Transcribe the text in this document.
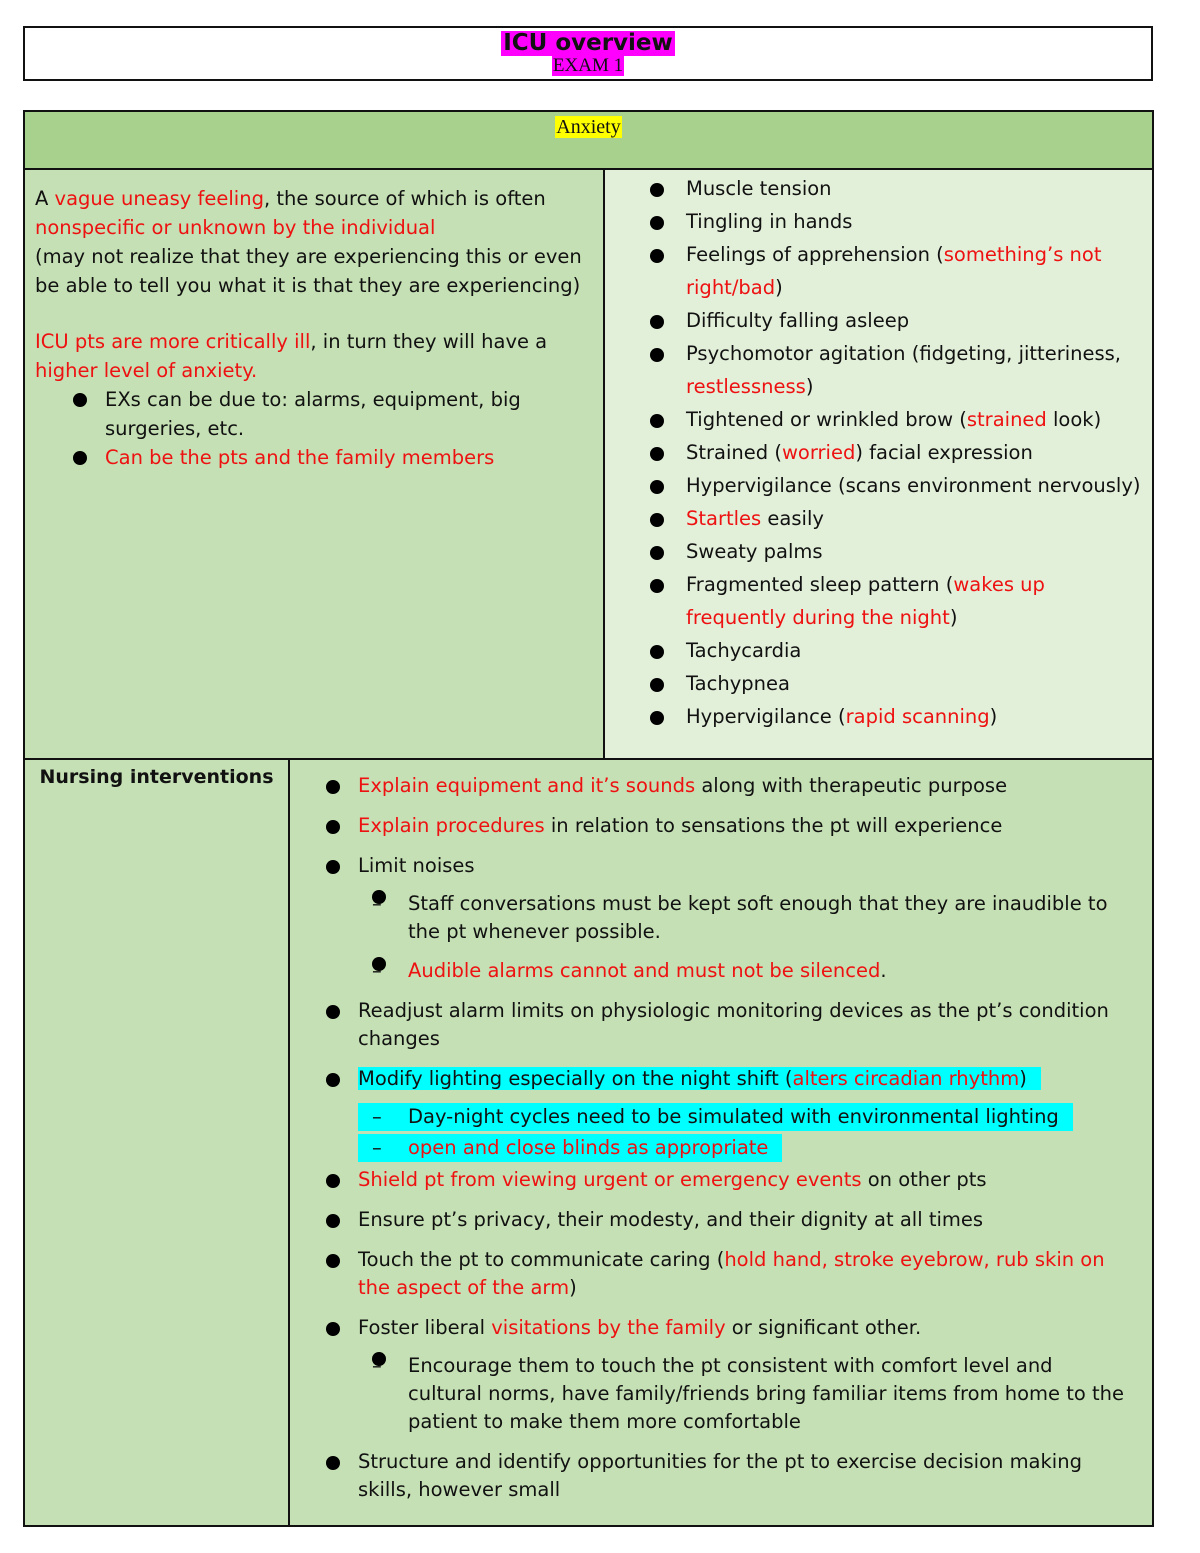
ICU overview
EXAM 1
Anxiety

A vague uneasy feeling, the source of which is often nonspecific or unknown by the individual

(may not realize that they are experiencing this or even be able to tell you what it is that they are experiencing)

ICU pts are more critically ill, in turn they will have a higher level of anxiety.

EXs can be due to: alarms, equipment, big surgeries, etc.
Can be the pts and the family members
Muscle tension
Tingling in hands
Feelings of apprehension (something’s not right/bad)
Difficulty falling asleep
Psychomotor agitation (fidgeting, jitteriness, restlessness)
Tightened or wrinkled brow (strained look)
Strained (worried) facial expression
Hypervigilance (scans environment nervously)
Startles easily
Sweaty palms
Fragmented sleep pattern (wakes up frequently during the night)
Tachycardia
Tachypnea
Hypervigilance (rapid scanning)
Nursing interventions	Explain equipment and it’s sounds along with therapeutic purpose
Explain procedures in relation to sensations the pt will experience
Limit noises
– Staff conversations must be kept soft enough that they are inaudible to the pt whenever possible.
– Audible alarms cannot and must not be silenced.
Readjust alarm limits on physiologic monitoring devices as the pt’s condition changes
Modify lighting especially on the night shift (alters circadian rhythm)
– Day-night cycles need to be simulated with environmental lighting
– open and close blinds as appropriate
Shield pt from viewing urgent or emergency events on other pts
Ensure pt’s privacy, their modesty, and their dignity at all times
Touch the pt to communicate caring (hold hand, stroke eyebrow, rub skin on the aspect of the arm)
Foster liberal visitations by the family or significant other.
– Encourage them to touch the pt consistent with comfort level and cultural norms, have family/friends bring familiar items from home to the patient to make them more comfortable
Structure and identify opportunities for the pt to exercise decision making skills, however small
